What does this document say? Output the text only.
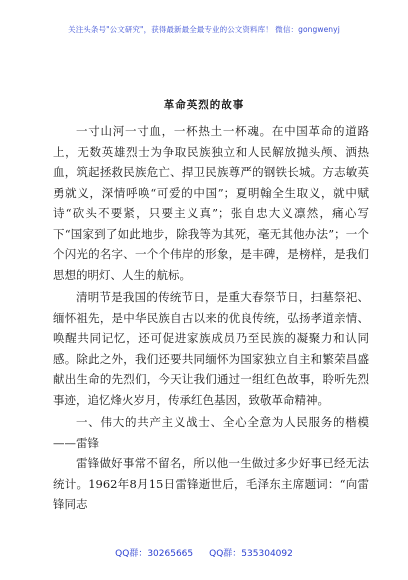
关注头条号"公文研究"，获得最新最全最专业的公文资料库！ 微信：gongwenyj
革命英烈的故事

一寸山河一寸血，一杯热土一杯魂。在中国革命的道路上，无数英雄烈士为争取民族独立和人民解放抛头颅、洒热血，筑起拯救民族危亡、捍卫民族尊严的钢铁长城。方志敏英勇就义，深情呼唤“可爱的中国”；夏明翰全生取义，就中赋诗“砍头不要紧，只要主义真”；张自忠大义凛然，痛心写下“国家到了如此地步，除我等为其死，毫无其他办法”；一个个闪光的名字、一个个伟岸的形象，是丰碑，是榜样，是我们思想的明灯、人生的航标。

清明节是我国的传统节日，是重大春祭节日，扫墓祭祀、缅怀祖先，是中华民族自古以来的优良传统，弘扬孝道亲情、唤醒共同记忆，还可促进家族成员乃至民族的凝聚力和认同感。除此之外，我们还要共同缅怀为国家独立自主和繁荣昌盛献出生命的先烈们，今天让我们通过一组红色故事，聆听先烈事迹，追忆烽火岁月，传承红色基因，致敬革命精神。

一、伟大的共产主义战士、全心全意为人民服务的楷模——雷锋

雷锋做好事常不留名，所以他一生做过多少好事已经无法统计。1962年8月15日雷锋逝世后，毛泽东主席题词：“向雷锋同志

QQ群：30265665 QQ群：535304092
